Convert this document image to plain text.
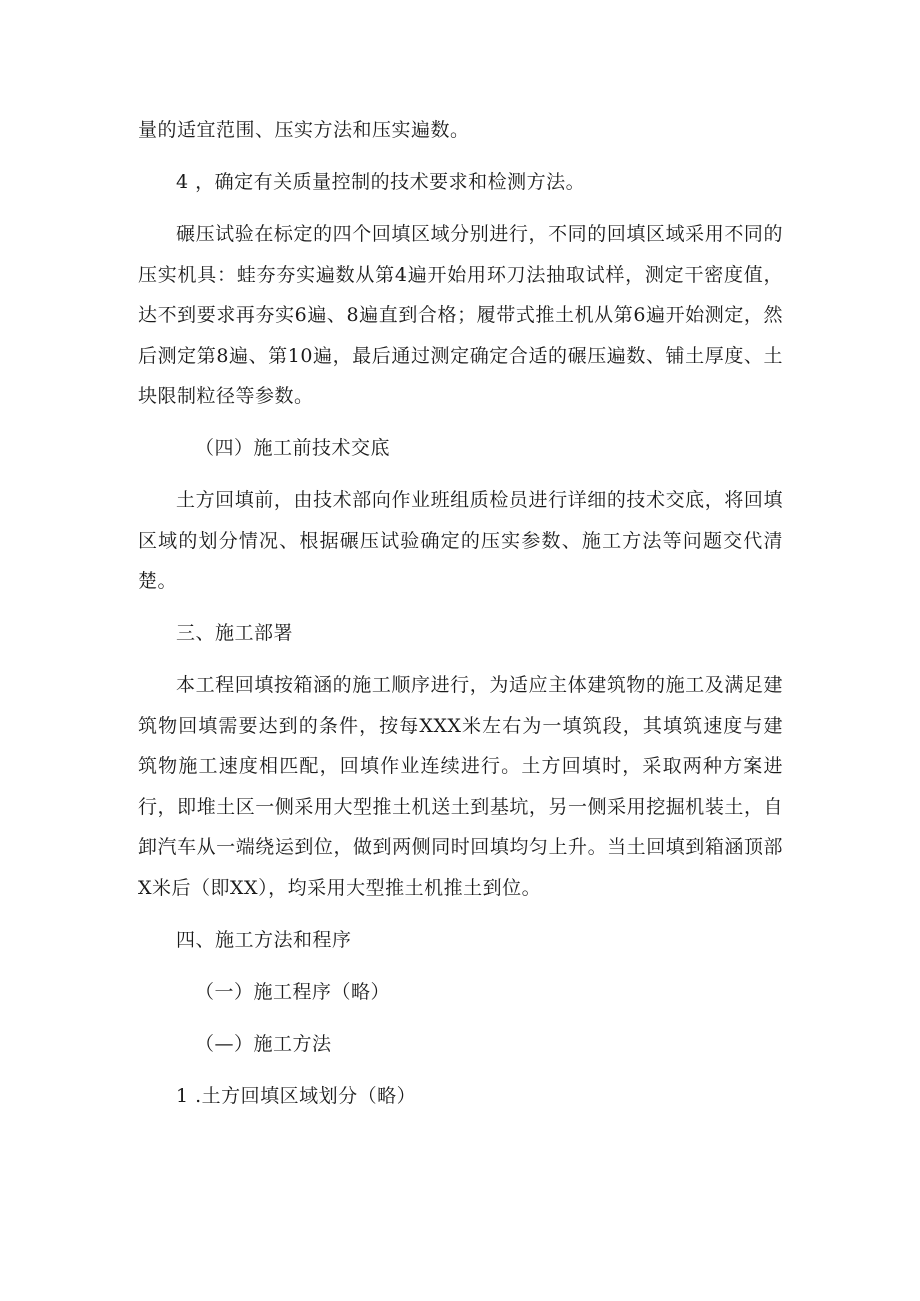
量的适宜范围、压实方法和压实遍数。

4 ，确定有关质量控制的技术要求和检测方法。

碾压试验在标定的四个回填区域分别进行，不同的回填区域采用不同的压实机具：蛙夯夯实遍数从第4遍开始用环刀法抽取试样，测定干密度值，达不到要求再夯实6遍、8遍直到合格；履带式推土机从第6遍开始测定，然后测定第8遍、第10遍，最后通过测定确定合适的碾压遍数、铺土厚度、土块限制粒径等参数。

（四）施工前技术交底

土方回填前，由技术部向作业班组质检员进行详细的技术交底，将回填区域的划分情况、根据碾压试验确定的压实参数、施工方法等问题交代清楚。

三、施工部署

本工程回填按箱涵的施工顺序进行，为适应主体建筑物的施工及满足建筑物回填需要达到的条件，按每XXX米左右为一填筑段，其填筑速度与建筑物施工速度相匹配，回填作业连续进行。土方回填时，采取两种方案进行，即堆土区一侧采用大型推土机送土到基坑，另一侧采用挖掘机装土，自卸汽车从一端绕运到位，做到两侧同时回填均匀上升。当土回填到箱涵顶部X米后（即XX），均采用大型推土机推土到位。

四、施工方法和程序

（一）施工程序（略）

（—）施工方法

1 .土方回填区域划分（略）
